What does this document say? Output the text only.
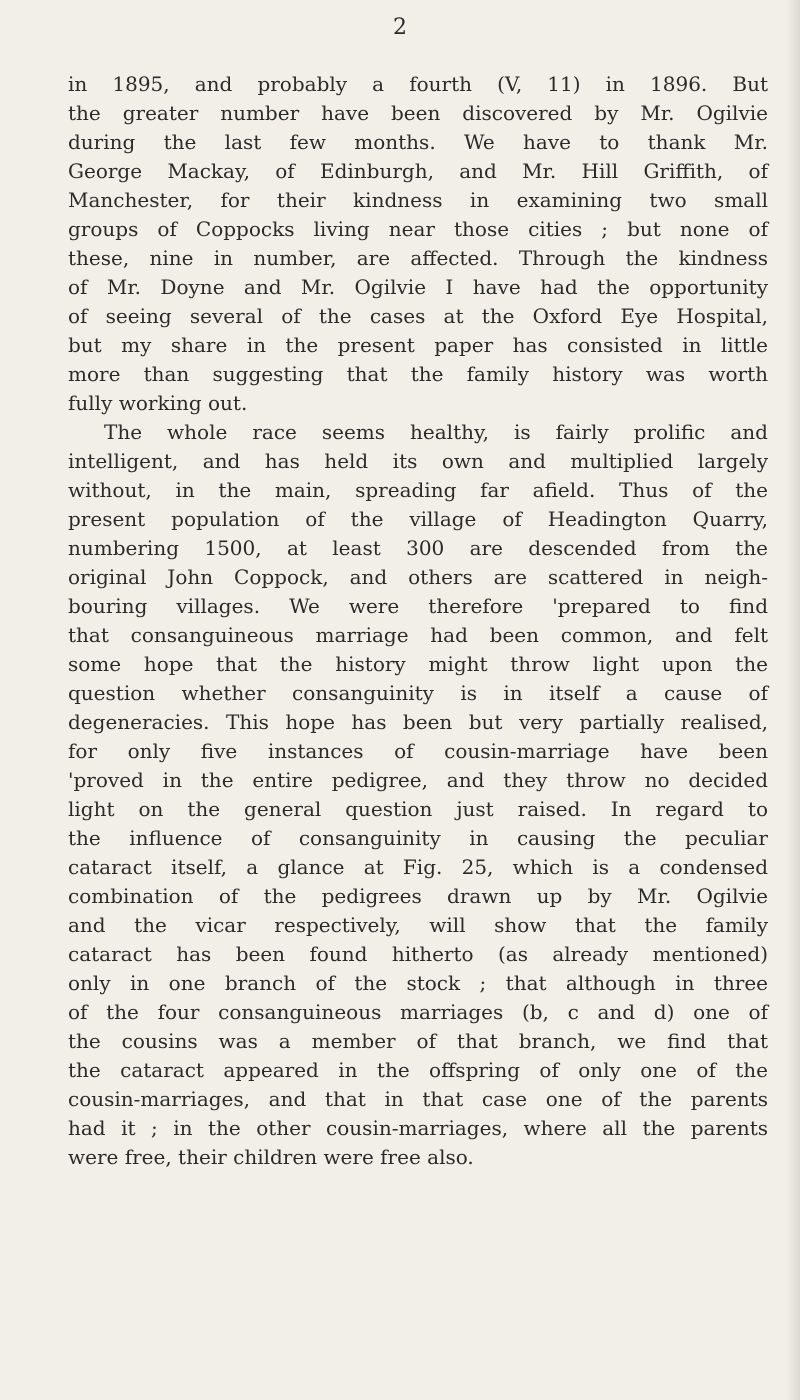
2
in 1895, and probably a fourth (V, 11) in 1896. But
the greater number have been discovered by Mr. Ogilvie
during the last few months. We have to thank Mr.
George Mackay, of Edinburgh, and Mr. Hill Griffith, of
Manchester, for their kindness in examining two small
groups of Coppocks living near those cities ; but none of
these, nine in number, are affected. Through the kindness
of Mr. Doyne and Mr. Ogilvie I have had the opportunity
of seeing several of the cases at the Oxford Eye Hospital,
but my share in the present paper has consisted in little
more than suggesting that the family history was worth
fully working out.
The whole race seems healthy, is fairly prolific and
intelligent, and has held its own and multiplied largely
without, in the main, spreading far afield. Thus of the
present population of the village of Headington Quarry,
numbering 1500, at least 300 are descended from the
original John Coppock, and others are scattered in neigh-
bouring villages. We were therefore 'prepared to find
that consanguineous marriage had been common, and felt
some hope that the history might throw light upon the
question whether consanguinity is in itself a cause of
degeneracies. This hope has been but very partially realised,
for only five instances of cousin-marriage have been
'proved in the entire pedigree, and they throw no decided
light on the general question just raised. In regard to
the influence of consanguinity in causing the peculiar
cataract itself, a glance at Fig. 25, which is a condensed
combination of the pedigrees drawn up by Mr. Ogilvie
and the vicar respectively, will show that the family
cataract has been found hitherto (as already mentioned)
only in one branch of the stock ; that although in three
of the four consanguineous marriages (b, c and d) one of
the cousins was a member of that branch, we find that
the cataract appeared in the offspring of only one of the
cousin-marriages, and that in that case one of the parents
had it ; in the other cousin-marriages, where all the parents
were free, their children were free also.
